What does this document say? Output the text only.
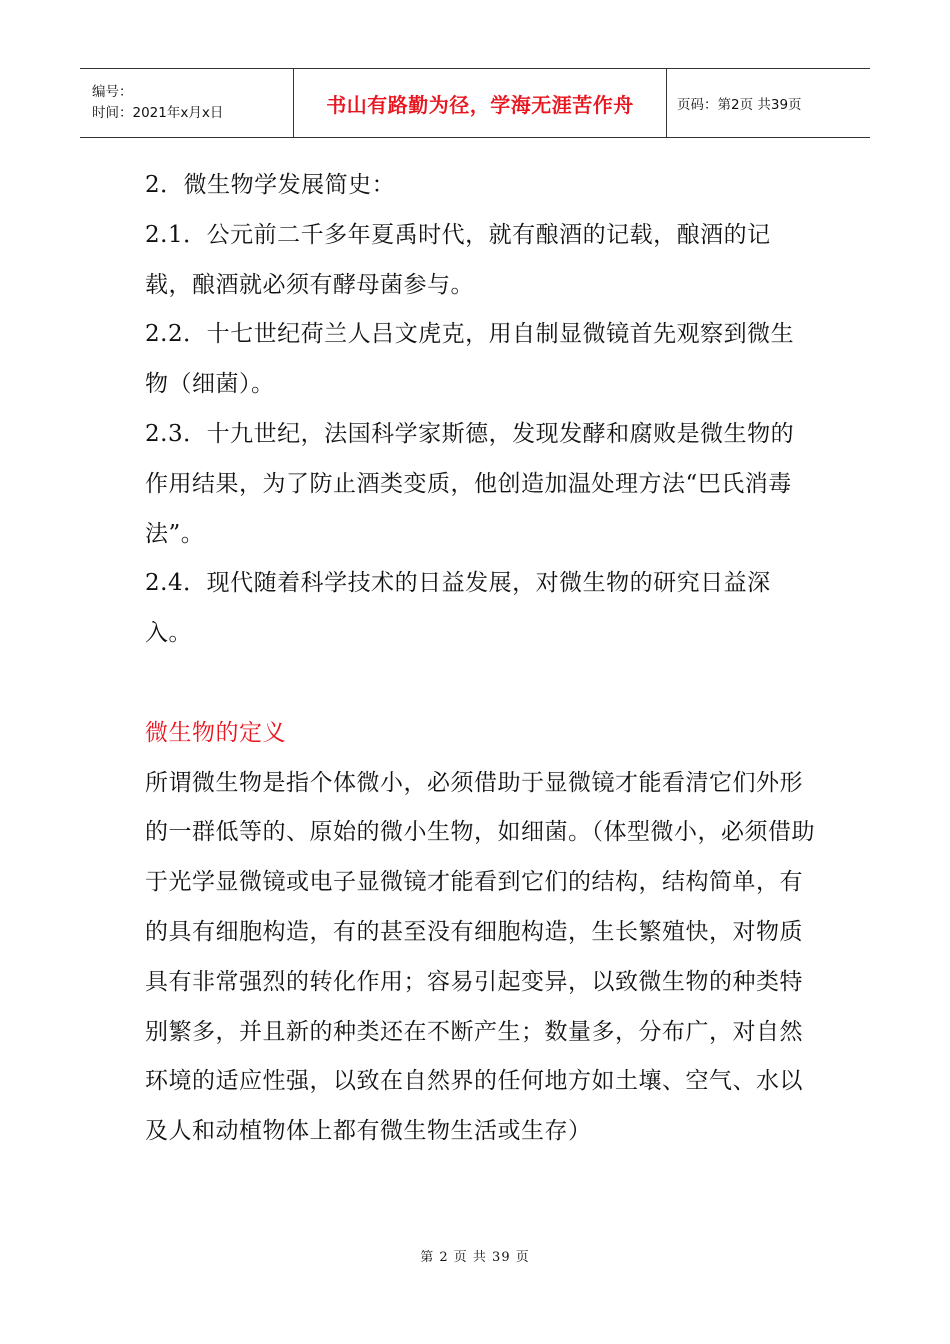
编号：
时间：2021年x月x日	书山有路勤为径，学海无涯苦作舟	页码：第2页 共39页

2．微生物学发展简史：

2.1．公元前二千多年夏禹时代，就有酿酒的记载，酿酒的记载，酿酒就必须有酵母菌参与。

2.2．十七世纪荷兰人吕文虎克，用自制显微镜首先观察到微生物（细菌）。

2.3．十九世纪，法国科学家斯德，发现发酵和腐败是微生物的作用结果，为了防止酒类变质，他创造加温处理方法“巴氏消毒法”。

2.4．现代随着科学技术的日益发展，对微生物的研究日益深入。

微生物的定义

所谓微生物是指个体微小，必须借助于显微镜才能看清它们外形的一群低等的、原始的微小生物，如细菌。（体型微小，必须借助于光学显微镜或电子显微镜才能看到它们的结构，结构简单，有的具有细胞构造，有的甚至没有细胞构造，生长繁殖快，对物质具有非常强烈的转化作用；容易引起变异，以致微生物的种类特别繁多，并且新的种类还在不断产生；数量多，分布广，对自然环境的适应性强，以致在自然界的任何地方如土壤、空气、水以及人和动植物体上都有微生物生活或生存）

第 2 页 共 39 页
